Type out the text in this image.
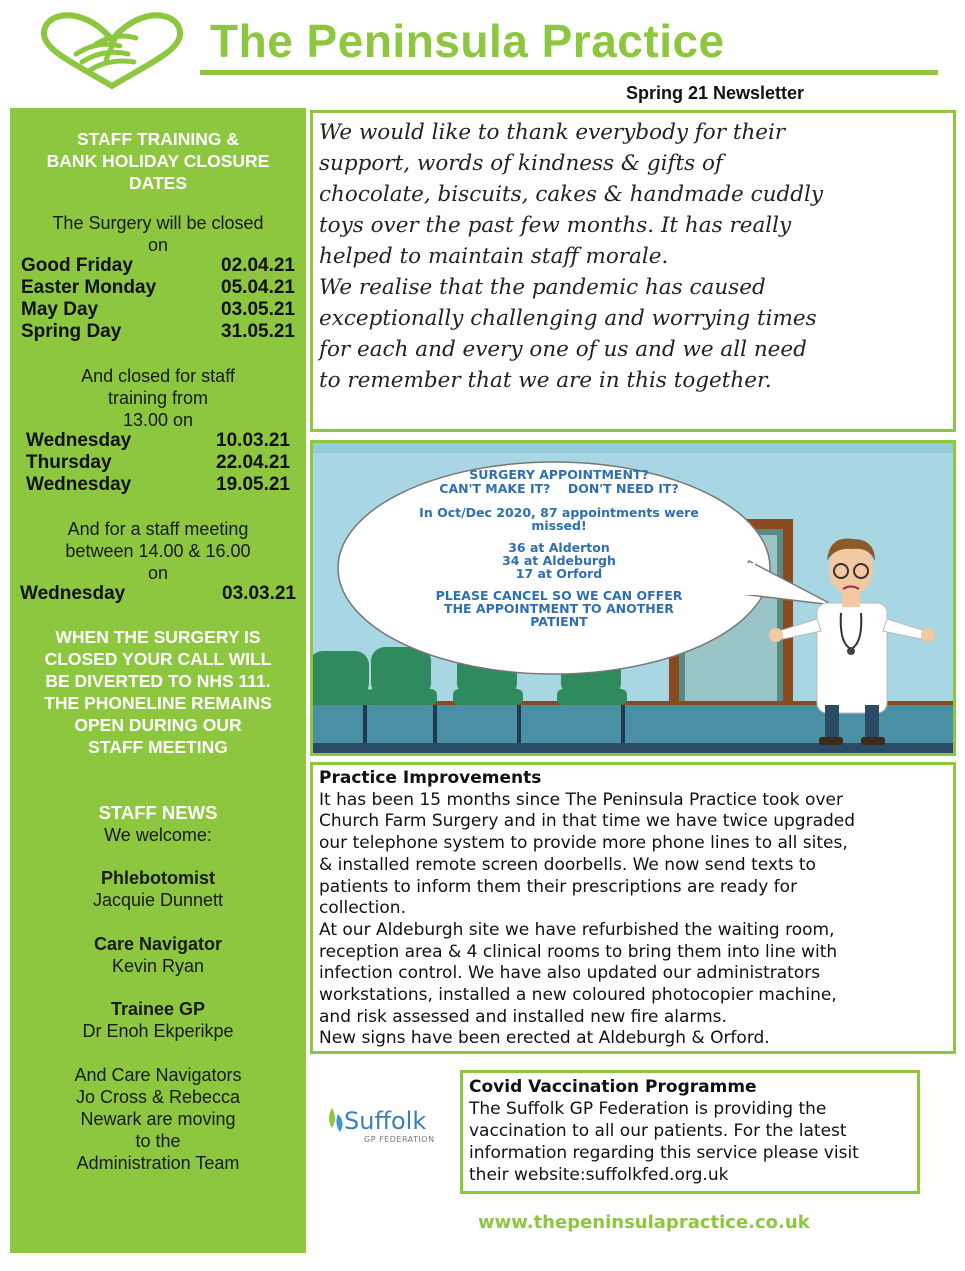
The Peninsula Practice
Spring 21 Newsletter
STAFF TRAINING &
BANK HOLIDAY CLOSURE
DATES
The Surgery will be closed
on
Good Friday	02.04.21
Easter Monday	05.04.21
May Day	03.05.21
Spring Day	31.05.21
And closed for staff
training from
13.00 on
Wednesday	10.03.21
Thursday	22.04.21
Wednesday	19.05.21
And for a staff meeting
between 14.00 & 16.00
on
Wednesday	03.03.21
WHEN THE SURGERY IS
CLOSED YOUR CALL WILL
BE DIVERTED TO NHS 111.
THE PHONELINE REMAINS
OPEN DURING OUR
STAFF MEETING
STAFF NEWS
We welcome:
Phlebotomist
Jacquie Dunnett
Care Navigator
Kevin Ryan
Trainee GP
Dr Enoh Ekperikpe
And Care Navigators
Jo Cross & Rebecca
Newark are moving
to the
Administration Team
We would like to thank everybody for their
support, words of kindness & gifts of
chocolate, biscuits, cakes & handmade cuddly
toys over the past few months. It has really
helped to maintain staff morale.
We realise that the pandemic has caused
exceptionally challenging and worrying times
for each and every one of us and we all need
to remember that we are in this together.
SURGERY APPOINTMENT?
CAN'T MAKE IT?    DON'T NEED IT?
In Oct/Dec 2020, 87 appointments were
missed!
36 at Alderton
34 at Aldeburgh
17 at Orford
PLEASE CANCEL SO WE CAN OFFER
THE APPOINTMENT TO ANOTHER
PATIENT
Practice Improvements
It has been 15 months since The Peninsula Practice took over
Church Farm Surgery and in that time we have twice upgraded
our telephone system to provide more phone lines to all sites,
& installed remote screen doorbells. We now send texts to
patients to inform them their prescriptions are ready for
collection.
At our Aldeburgh site we have refurbished the waiting room,
reception area & 4 clinical rooms to bring them into line with
infection control. We have also updated our administrators
workstations, installed a new coloured photocopier machine,
and risk assessed and installed new fire alarms.
New signs have been erected at Aldeburgh & Orford.
Suffolk
GP FEDERATION
Covid Vaccination Programme
The Suffolk GP Federation is providing the
vaccination to all our patients. For the latest
information regarding this service please visit
their website:suffolkfed.org.uk
www.thepeninsulapractice.co.uk
